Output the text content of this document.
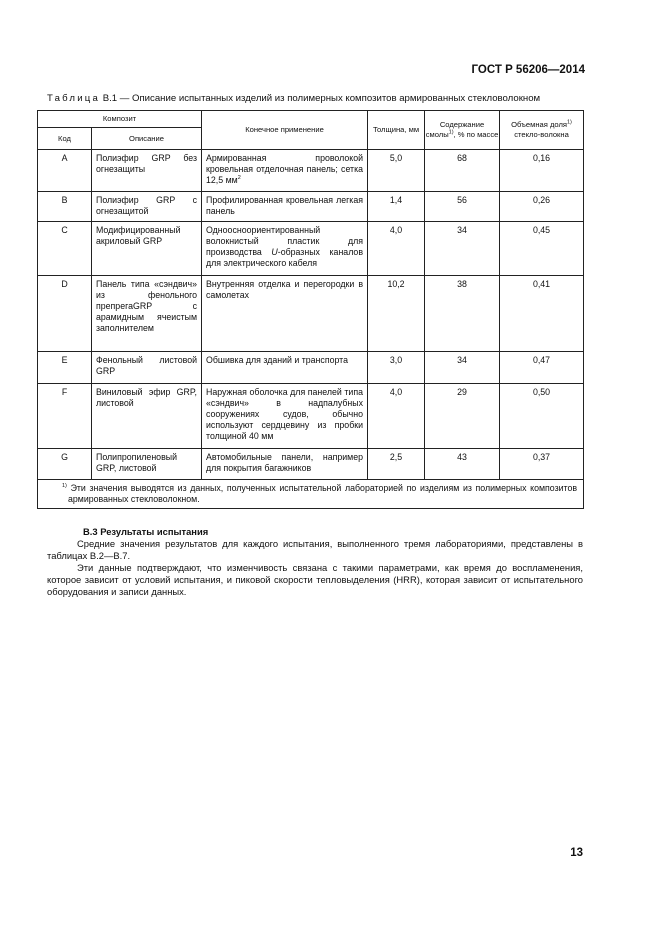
ГОСТ Р 56206—2014
Таблица В.1 — Описание испытанных изделий из полимерных композитов армированных стекловолокном
Композит		Конечное применение	Толщина, мм	Содержание смолы$^{1)}$, % по массе	Объемная доля$^{1)}$ стекло-волокна
Код	Описание				

А	Полиэфир GRP без огнезащиты	Армированная проволокой кровельная отделочная панель; сетка 12,5 $мм^2$	5,0	68	0,16

В	Полиэфир GRP с огнезащитой	Профилированная кровельная легкая панель	1,4	56	0,26

С	Модифицированный акриловый GRP	Одноосноориентированный волокнистый пластик для производства U-образных каналов для электрического кабеля	4,0	34	0,45

D	Панель типа «сэндвич» из фенольного препрегаGRP с арамидным ячеистым заполнителем	Внутренняя отделка и перегородки в самолетах	10,2	38	0,41

Е	Фенольный листовой GRP	Обшивка для зданий и транспорта	3,0	34	0,47

F	Виниловый эфир GRP, листовой	Наружная оболочка для панелей типа «сэндвич» в надпалубных сооружениях судов, обычно используют сердцевину из пробки толщиной 40 мм	4,0	29	0,50

G	Полипропиленовый GRP, листовой	Автомобильные панели, например для покрытия багажников	2,5	43	0,37

$^{1)}$ Эти значения выводятся из данных, полученных испытательной лабораторией по изделиям из полимерных композитов армированных стекловолокном.					
В.3 Результаты испытания
Средние значения результатов для каждого испытания, выполненного тремя лабораториями, представлены в таблицах В.2—В.7.
Эти данные подтверждают, что изменчивость связана с такими параметрами, как время до воспламенения, которое зависит от условий испытания, и пиковой скорости тепловыделения (HRR), которая зависит от испытательного оборудования и записи данных.
13
